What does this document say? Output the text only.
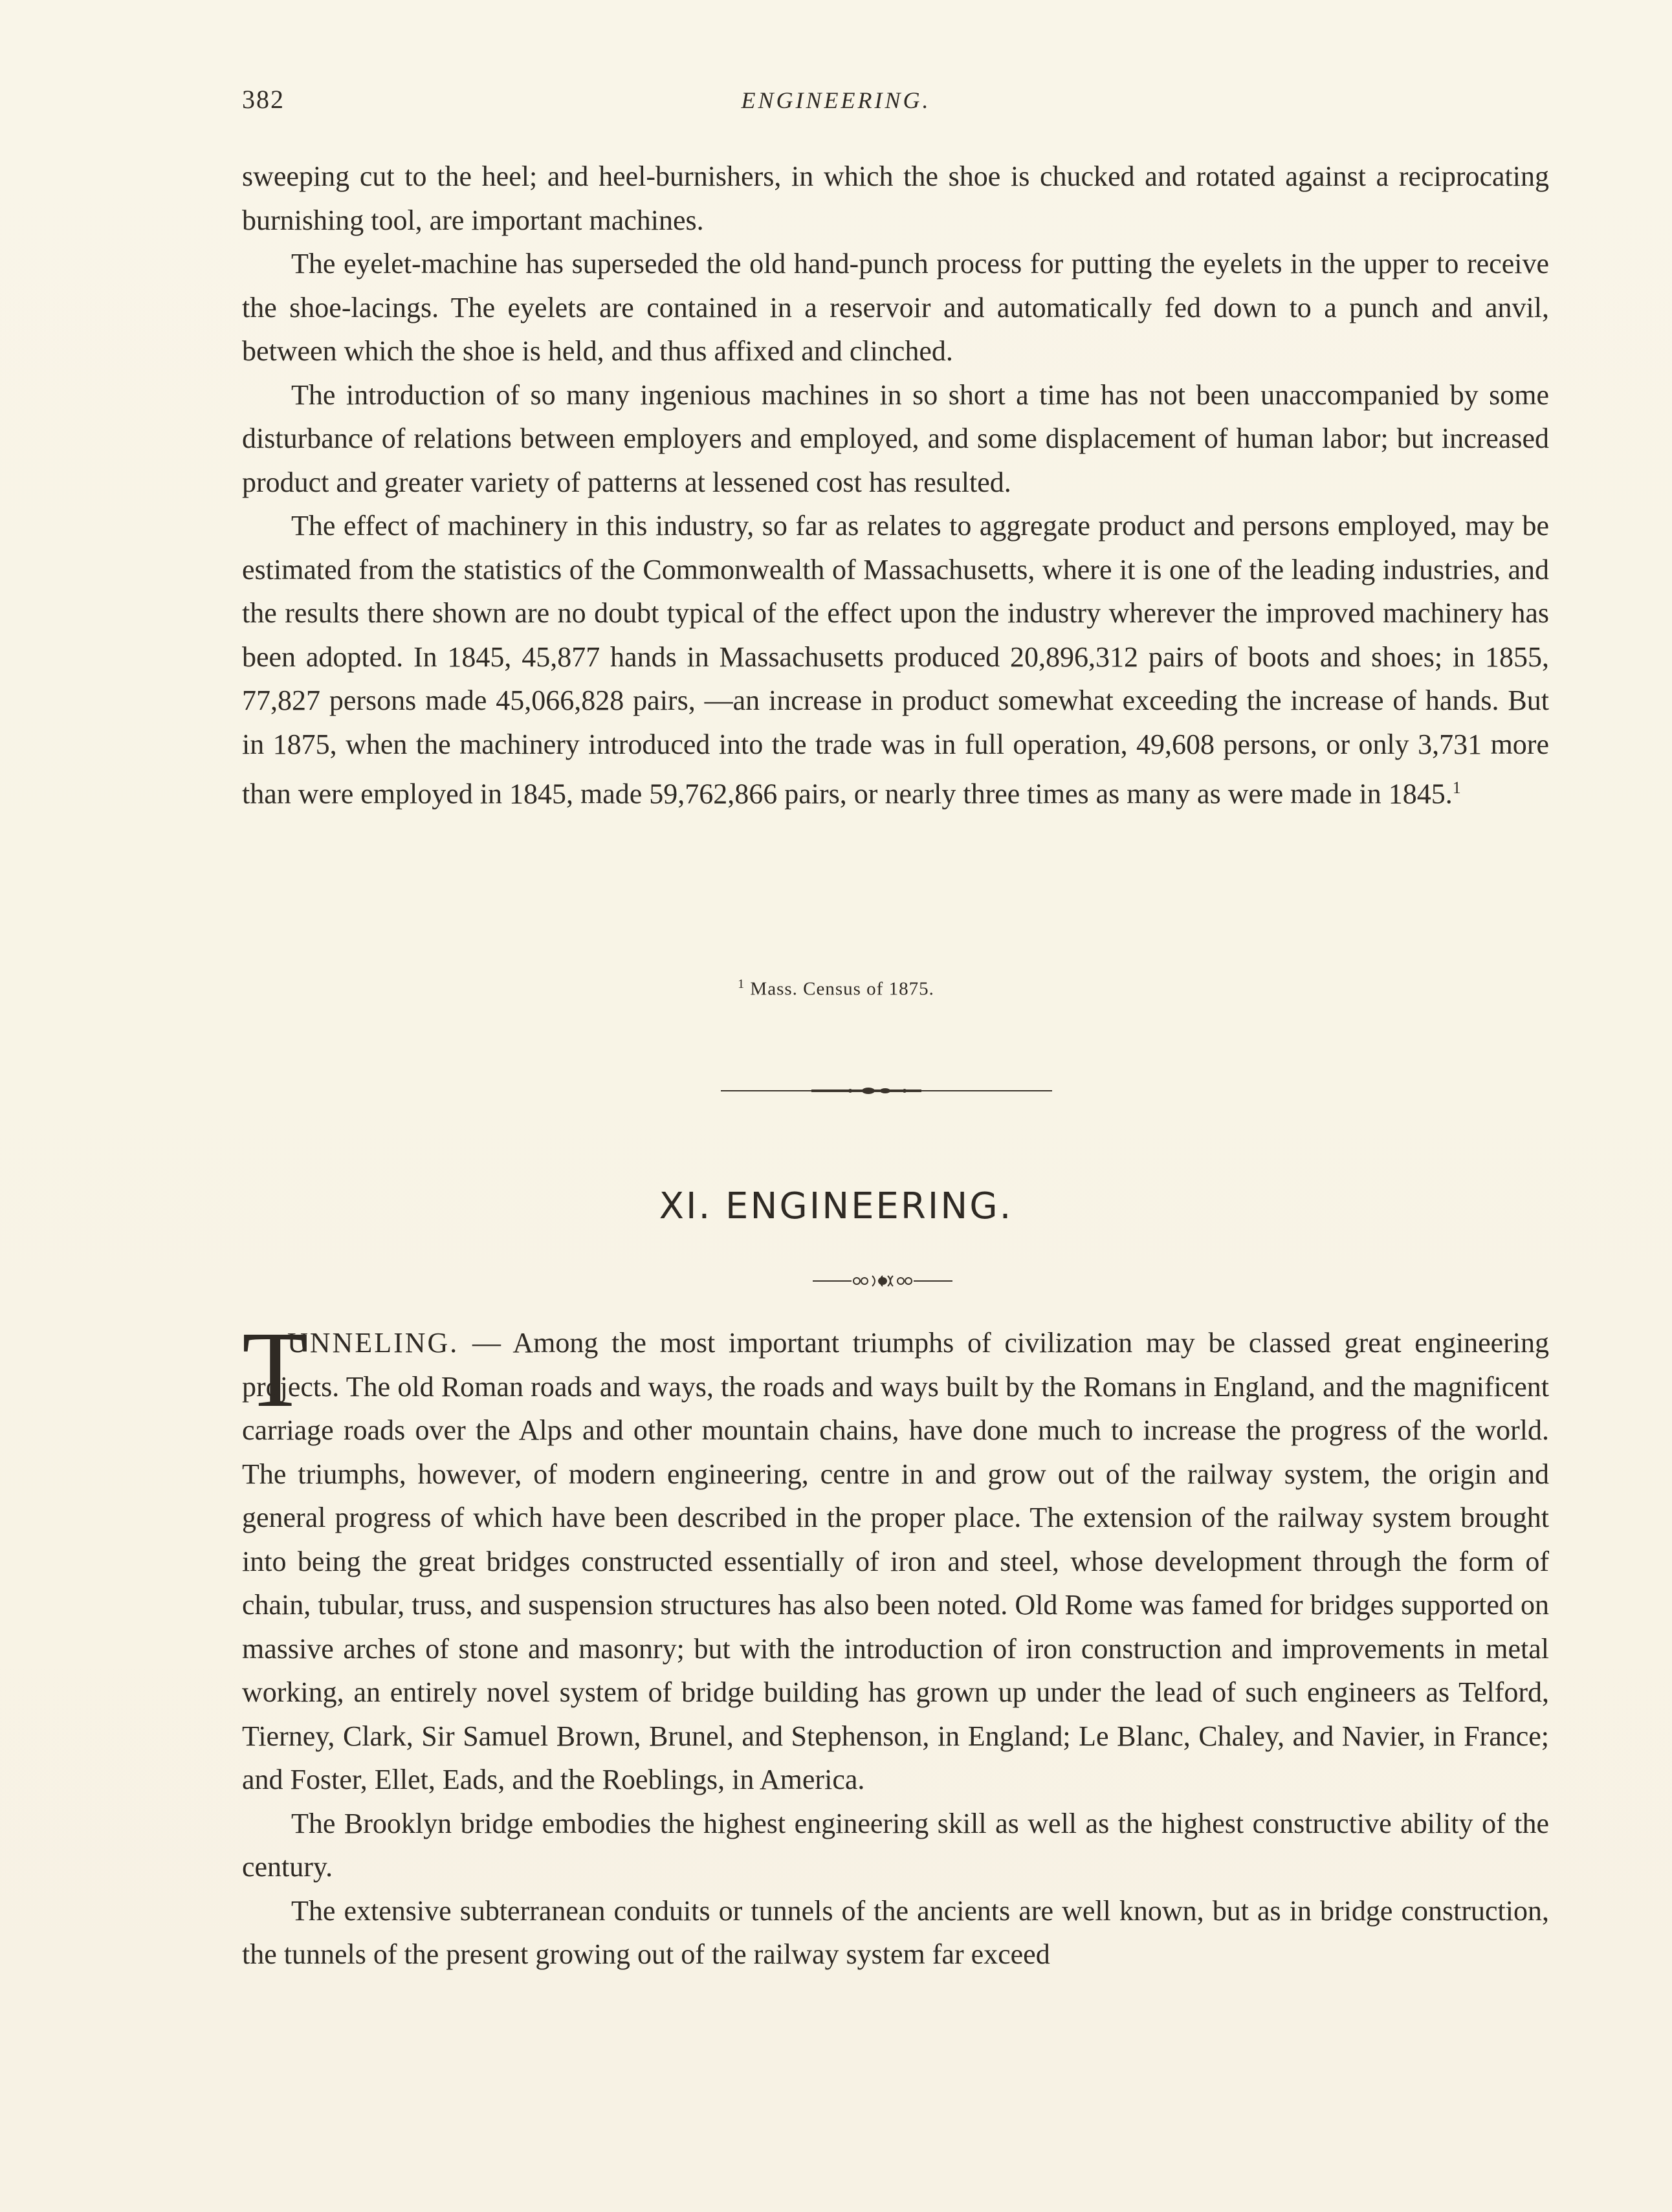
382	ENGINEERING.

sweeping cut to the heel; and heel-burnishers, in which the shoe is chucked and rotated against a reciprocating burnishing tool, are important machines.

The eyelet-machine has superseded the old hand-punch process for putting the eyelets in the upper to receive the shoe-lacings. The eyelets are contained in a reservoir and automatically fed down to a punch and anvil, between which the shoe is held, and thus affixed and clinched.

The introduction of so many ingenious machines in so short a time has not been unaccompanied by some disturbance of relations between employers and employed, and some displacement of human labor; but increased product and greater variety of patterns at lessened cost has resulted.

The effect of machinery in this industry, so far as relates to aggregate product and persons employed, may be estimated from the statistics of the Commonwealth of Massachusetts, where it is one of the leading industries, and the results there shown are no doubt typical of the effect upon the industry wherever the improved machinery has been adopted. In 1845, 45,877 hands in Massachusetts produced 20,896,312 pairs of boots and shoes; in 1855, 77,827 persons made 45,066,828 pairs, —an increase in product somewhat exceeding the increase of hands. But in 1875, when the machinery introduced into the trade was in full operation, 49,608 persons, or only 3,731 more than were employed in 1845, made 59,762,866 pairs, or nearly three times as many as were made in 1845.$^1$

$^1$ Mass. Census of 1875.
XI. ENGINEERING.
T

UNNELING. — Among the most important triumphs of civilization may be classed great engineering projects. The old Roman roads and ways, the roads and ways built by the Romans in England, and the magnificent carriage roads over the Alps and other mountain chains, have done much to increase the progress of the world. The triumphs, however, of modern engineering, centre in and grow out of the railway system, the origin and general progress of which have been described in the proper place. The extension of the railway system brought into being the great bridges constructed essentially of iron and steel, whose development through the form of chain, tubular, truss, and suspension structures has also been noted. Old Rome was famed for bridges supported on massive arches of stone and masonry; but with the introduction of iron construction and improvements in metal working, an entirely novel system of bridge building has grown up under the lead of such engineers as Telford, Tierney, Clark, Sir Samuel Brown, Brunel, and Stephenson, in England; Le Blanc, Chaley, and Navier, in France; and Foster, Ellet, Eads, and the Roeblings, in America.

The Brooklyn bridge embodies the highest engineering skill as well as the highest constructive ability of the century.

The extensive subterranean conduits or tunnels of the ancients are well known, but as in bridge construction, the tunnels of the present growing out of the railway system far exceed
